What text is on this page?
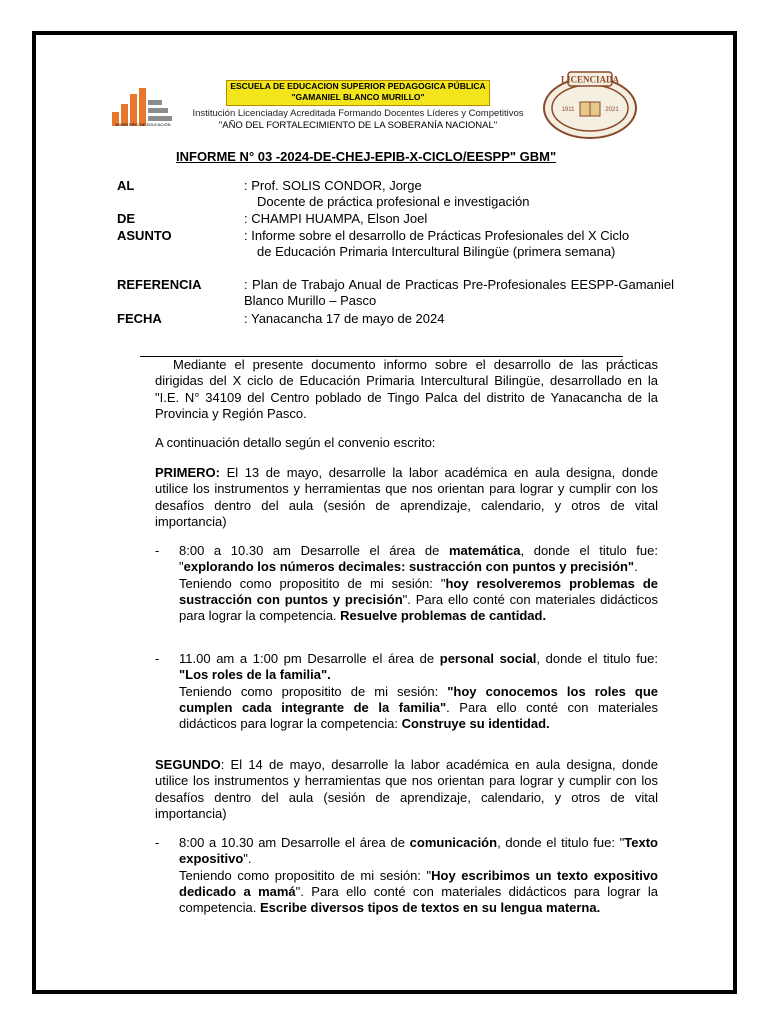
MINISTERIO DE EDUCACIÓN
ESCUELA DE EDUCACION SUPERIOR PEDAGOGICA PÚBLICA
"GAMANIEL BLANCO MURILLO"
Institución Licenciaday Acreditada Formando Docentes Líderes y Competitivos
"AÑO DEL FORTALECIMIENTO DE LA SOBERANÍA NACIONAL"
LICENCIADA
1911	2021
INFORME N° 03 -2024-DE-CHEJ-EPIB-X-CICLO/EESPP" GBM"
AL	: Prof. SOLIS CONDOR, Jorge
Docente de práctica profesional e investigación
DE	: CHAMPI HUAMPA, Elson Joel
ASUNTO	: Informe sobre el desarrollo de Prácticas Profesionales del X Ciclo
de Educación Primaria Intercultural Bilingüe (primera semana)
REFERENCIA	: Plan de Trabajo Anual de Practicas Pre-Profesionales EESPP-Gamaniel Blanco Murillo – Pasco
FECHA	: Yanacancha 17 de mayo de 2024
Mediante el presente documento informo sobre el desarrollo de las prácticas dirigidas del X ciclo de Educación Primaria Intercultural Bilingüe, desarrollado en la "I.E. N° 34109 del Centro poblado de Tingo Palca del distrito de Yanacancha de la Provincia y Región Pasco.
A continuación detallo según el convenio escrito:
PRIMERO: El 13 de mayo, desarrolle la labor académica en aula designa, donde utilice los instrumentos y herramientas que nos orientan para lograr y cumplir con los desafíos dentro del aula (sesión de aprendizaje, calendario, y otros de vital importancia)
- 8:00 a 10.30 am Desarrolle el área de matemática, donde el titulo fue: "explorando los números decimales: sustracción con puntos y precisión".
Teniendo como propositito de mi sesión: "hoy resolveremos problemas de sustracción con puntos y precisión". Para ello conté con materiales didácticos para lograr la competencia. Resuelve problemas de cantidad.
- 11.00 am a 1:00 pm Desarrolle el área de personal social, donde el titulo fue: "Los roles de la familia".
Teniendo como propositito de mi sesión: "hoy conocemos los roles que cumplen cada integrante de la familia". Para ello conté con materiales didácticos para lograr la competencia: Construye su identidad.
SEGUNDO: El 14 de mayo, desarrolle la labor académica en aula designa, donde utilice los instrumentos y herramientas que nos orientan para lograr y cumplir con los desafíos dentro del aula (sesión de aprendizaje, calendario, y otros de vital importancia)
- 8:00 a 10.30 am Desarrolle el área de comunicación, donde el titulo fue: "Texto expositivo".
Teniendo como propositito de mi sesión: "Hoy escribimos un texto expositivo dedicado a mamá". Para ello conté con materiales didácticos para lograr la competencia. Escribe diversos tipos de textos en su lengua materna.
